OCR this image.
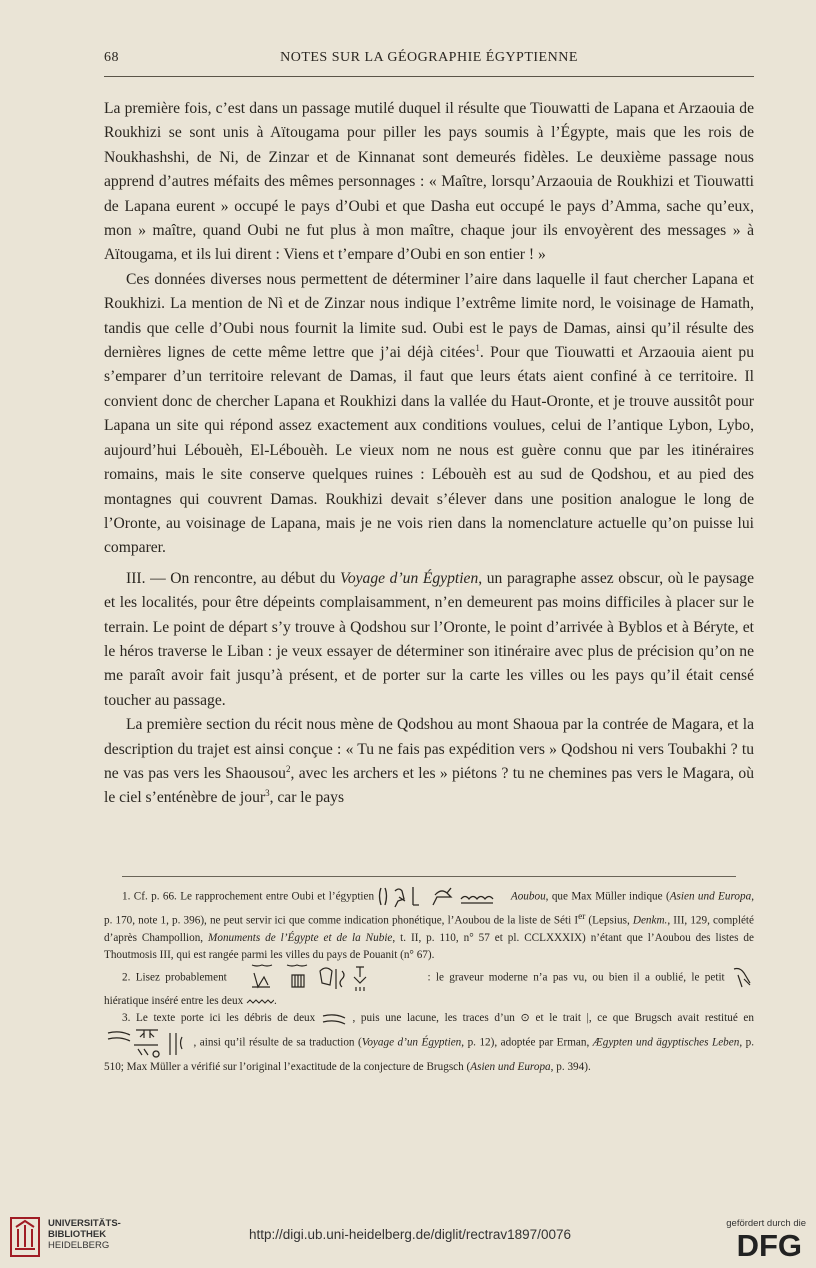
68	NOTES SUR LA GÉOGRAPHIE ÉGYPTIENNE

La première fois, c’est dans un passage mutilé duquel il résulte que Tiouwatti de Lapana et Arzaouia de Roukhizi se sont unis à Aïtougama pour piller les pays soumis à l’Égypte, mais que les rois de Noukhashshi, de Ni, de Zinzar et de Kinnanat sont demeurés fidèles. Le deuxième passage nous apprend d’autres méfaits des mêmes personnages : « Maître, lorsqu’Arzaouia de Roukhizi et Tiouwatti de Lapana eurent » occupé le pays d’Oubi et que Dasha eut occupé le pays d’Amma, sache qu’eux, mon » maître, quand Oubi ne fut plus à mon maître, chaque jour ils envoyèrent des messages » à Aïtougama, et ils lui dirent : Viens et t’empare d’Oubi en son entier ! »

Ces données diverses nous permettent de déterminer l’aire dans laquelle il faut chercher Lapana et Roukhizi. La mention de Nì et de Zinzar nous indique l’extrême limite nord, le voisinage de Hamath, tandis que celle d’Oubi nous fournit la limite sud. Oubi est le pays de Damas, ainsi qu’il résulte des dernières lignes de cette même lettre que j’ai déjà citées$^1$. Pour que Tiouwatti et Arzaouia aient pu s’emparer d’un territoire relevant de Damas, il faut que leurs états aient confiné à ce territoire. Il convient donc de chercher Lapana et Roukhizi dans la vallée du Haut-Oronte, et je trouve aussitôt pour Lapana un site qui répond assez exactement aux conditions voulues, celui de l’antique Lybon, Lybo, aujourd’hui Lébouèh, El-Lébouèh. Le vieux nom ne nous est guère connu que par les itinéraires romains, mais le site conserve quelques ruines : Lébouèh est au sud de Qodshou, et au pied des montagnes qui couvrent Damas. Roukhizi devait s’élever dans une position analogue le long de l’Oronte, au voisinage de Lapana, mais je ne vois rien dans la nomenclature actuelle qu’on puisse lui comparer.

III. — On rencontre, au début du Voyage d’un Égyptien, un paragraphe assez obscur, où le paysage et les localités, pour être dépeints complaisamment, n’en demeurent pas moins difficiles à placer sur le terrain. Le point de départ s’y trouve à Qodshou sur l’Oronte, le point d’arrivée à Byblos et à Béryte, et le héros traverse le Liban : je veux essayer de déterminer son itinéraire avec plus de précision qu’on ne me paraît avoir fait jusqu’à présent, et de porter sur la carte les villes ou les pays qu’il était censé toucher au passage.

La première section du récit nous mène de Qodshou au mont Shaoua par la contrée de Magara, et la description du trajet est ainsi conçue : « Tu ne fais pas expédition vers » Qodshou ni vers Toubakhi ? tu ne vas pas vers les Shaousou$^2$, avec les archers et les » piétons ? tu ne chemines pas vers le Magara, où le ciel s’enténèbre de jour$^3$, car le pays

1. Cf. p. 66. Le rapprochement entre Oubi et l’égyptien	Aoubou, que Max Müller indique (Asien und Europa, p. 170, note 1, p. 396), ne peut servir ici que comme indication phonétique, l’Aoubou de la liste de Séti Ier (Lepsius, Denkm., III, 129, complété d’après Champollion, Monuments de l’Égypte et de la Nubie, t. II, p. 110, n° 57 et pl. CCLXXXIX) n’étant que l’Aoubou des listes de Thoutmosis III, qui est rangée parmi les villes du pays de Pouanit (n° 67).

2. Lisez probablement	: le graveur moderne n’a pas vu, ou bien il a oublié, le petit  hiératique inséré entre les deux	.

3. Le texte porte ici les débris de deux	, puis une lacune, les traces d’un ⊙ et le trait |, ce que Brugsch avait restitué en  , ainsi qu’il résulte de sa traduction (Voyage d’un Égyptien, p. 12), adoptée par Erman, Ægypten und ägyptisches Leben, p. 510; Max Müller a vérifié sur l’original l’exactitude de la conjecture de Brugsch (Asien und Europa, p. 394).

UNIVERSITÄTS-
BIBLIOTHEK
HEIDELBERG
http://digi.ub.uni-heidelberg.de/diglit/rectrav1897/0076
gefördert durch die
DFG
